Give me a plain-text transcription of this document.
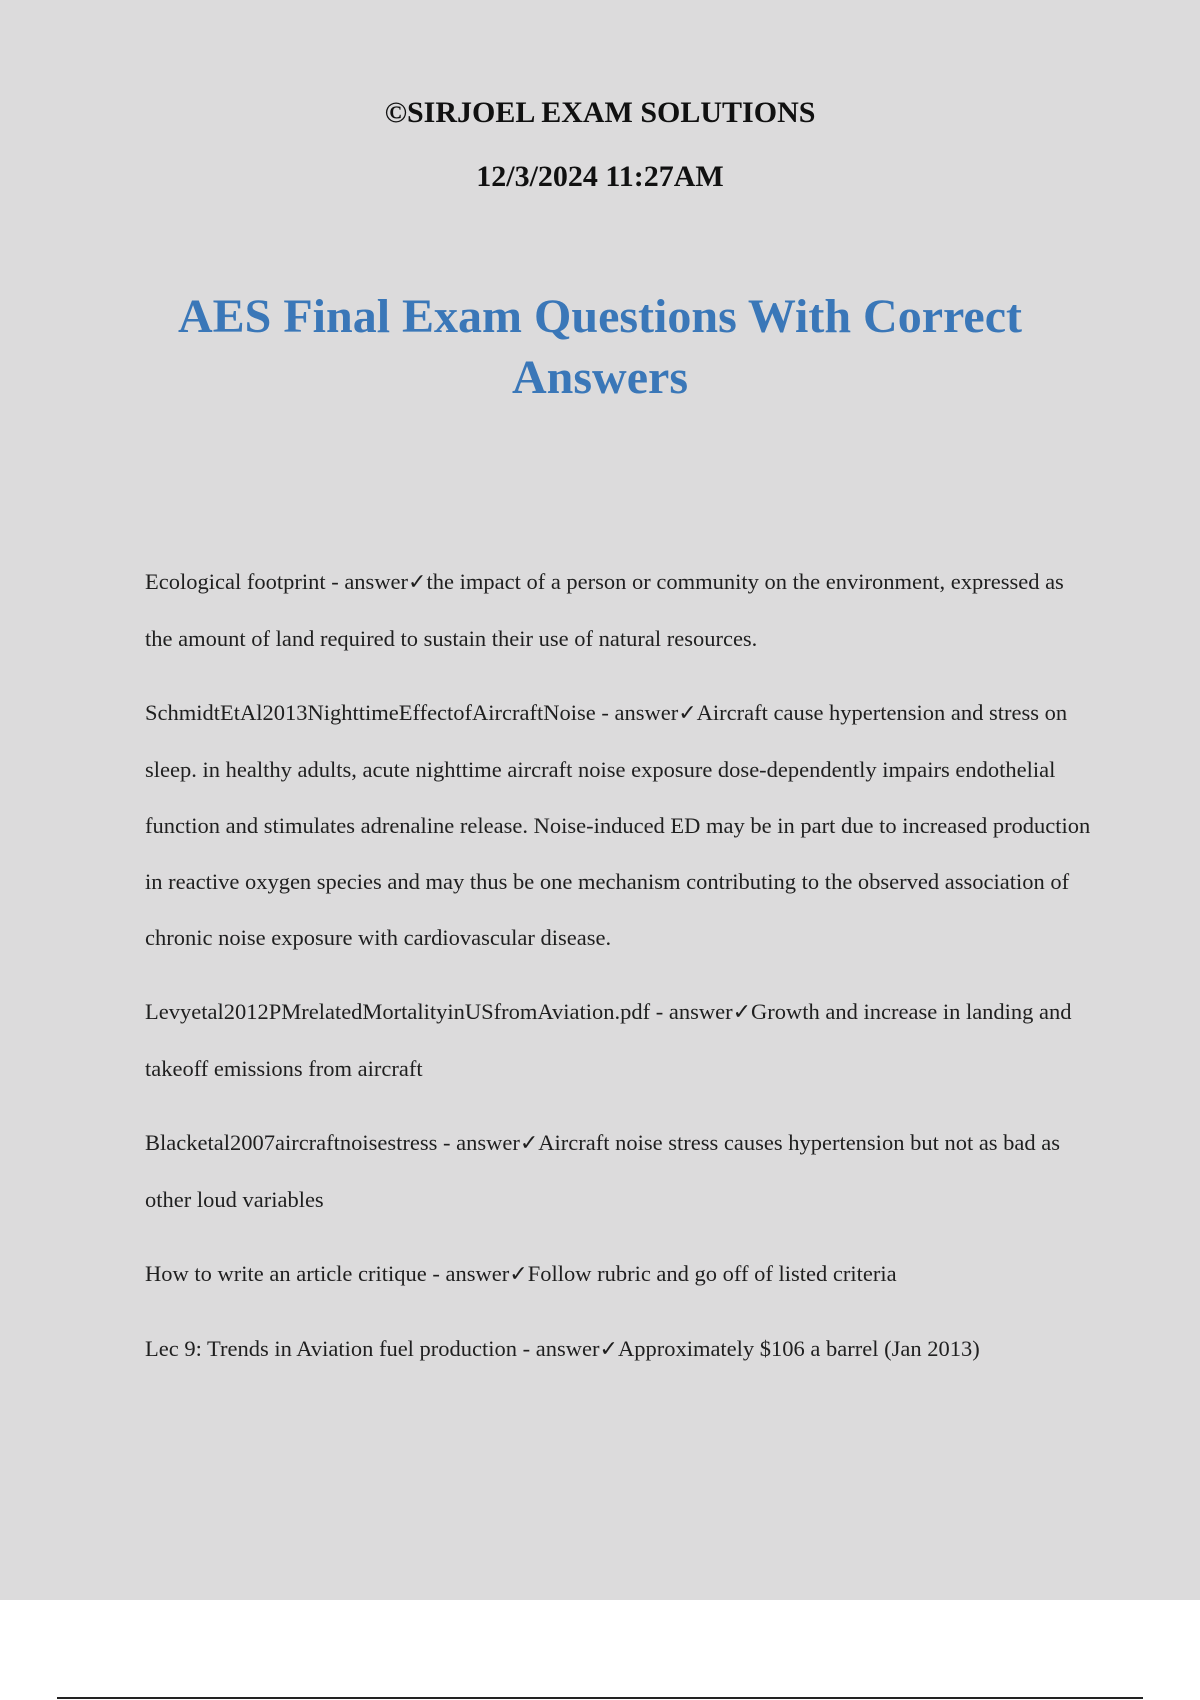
©SIRJOEL EXAM SOLUTIONS
12/3/2024 11:27AM
AES Final Exam Questions With Correct Answers

Ecological footprint - answer✓the impact of a person or community on the environment, expressed as the amount of land required to sustain their use of natural resources.

SchmidtEtAl2013NighttimeEffectofAircraftNoise - answer✓Aircraft cause hypertension and stress on sleep. in healthy adults, acute nighttime aircraft noise exposure dose-dependently impairs endothelial function and stimulates adrenaline release. Noise-induced ED may be in part due to increased production in reactive oxygen species and may thus be one mechanism contributing to the observed association of chronic noise exposure with cardiovascular disease.

Levyetal2012PMrelatedMortalityinUSfromAviation.pdf - answer✓Growth and increase in landing and takeoff emissions from aircraft

Blacketal2007aircraftnoisestress - answer✓Aircraft noise stress causes hypertension but not as bad as other loud variables

How to write an article critique - answer✓Follow rubric and go off of listed criteria

Lec 9: Trends in Aviation fuel production - answer✓Approximately $106 a barrel (Jan 2013)
